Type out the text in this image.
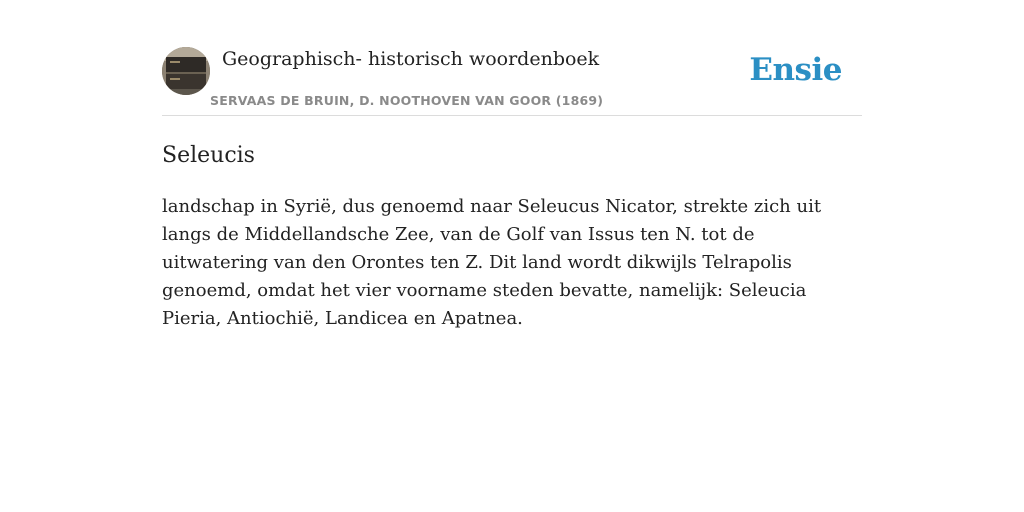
Geographisch- historisch woordenboek
SERVAAS DE BRUIN, D. NOOTHOVEN VAN GOOR (1869)
Ensie
Seleucis

landschap in Syrië, dus genoemd naar Seleucus Nicator, strekte zich uit langs de Middellandsche Zee, van de Golf van Issus ten N. tot de uitwatering van den Orontes ten Z. Dit land wordt dikwijls Telrapolis genoemd, omdat het vier voorname steden bevatte, namelijk: Seleucia Pieria, Antiochië, Landicea en Apatnea.
